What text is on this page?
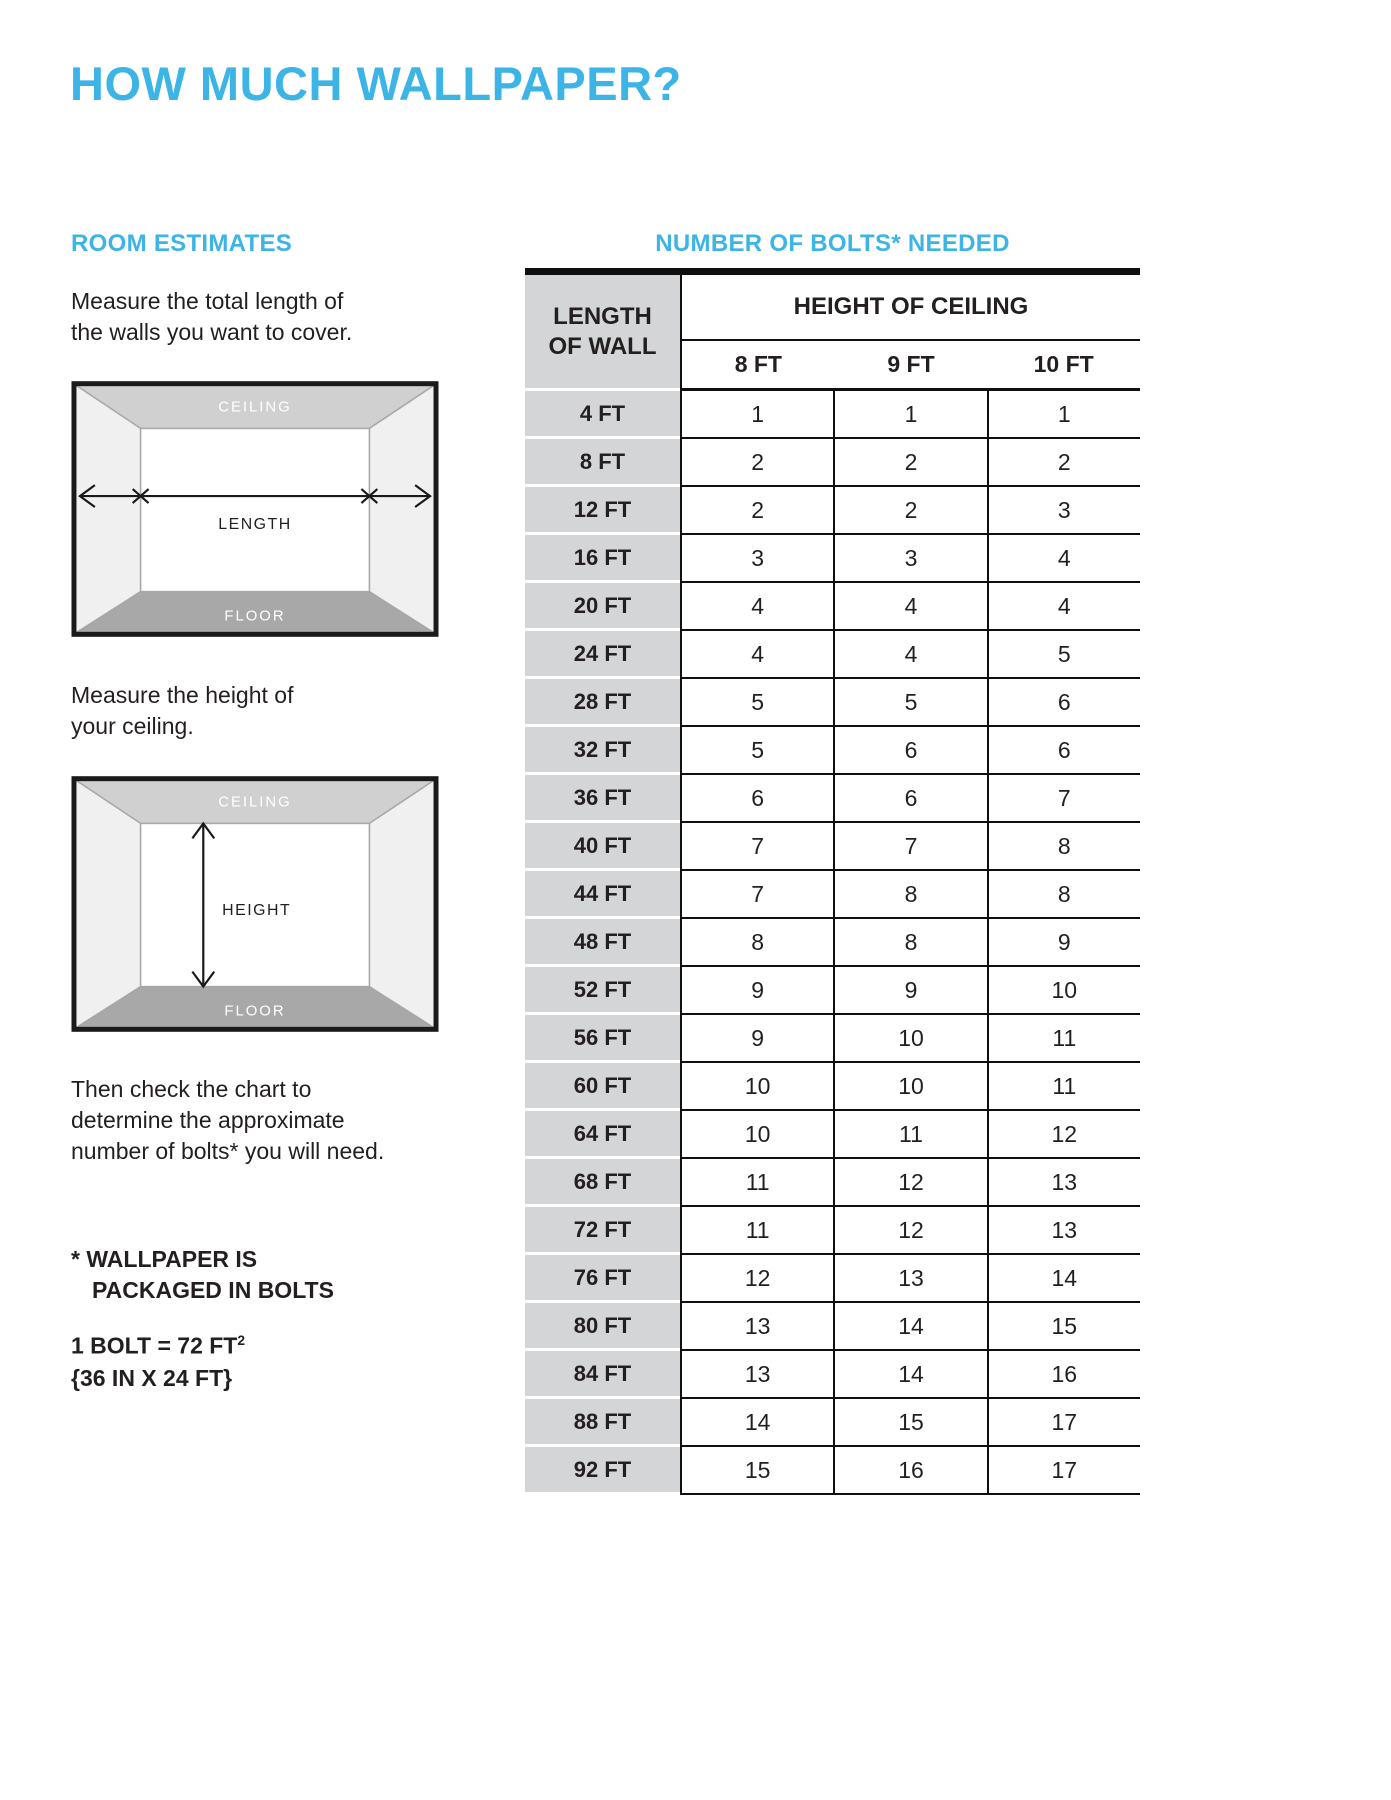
HOW MUCH WALLPAPER?
ROOM ESTIMATES	NUMBER OF BOLTS* NEEDED
Measure the total length of
the walls you want to cover.
CEILING
FLOOR
LENGTH
Measure the height of
your ceiling.
CEILING
FLOOR
HEIGHT
Then check the chart to
determine the approximate
number of bolts* you will need.
* WALLPAPER IS
PACKAGED IN BOLTS
1 BOLT = 72 $FT^2$
{36 IN X 24 FT}
LENGTH
OF WALL
HEIGHT OF CEILING
8 FT	9 FT	10 FT
4 FT	1	1	1
8 FT	2	2	2
12 FT	2	2	3
16 FT	3	3	4
20 FT	4	4	4
24 FT	4	4	5
28 FT	5	5	6
32 FT	5	6	6
36 FT	6	6	7
40 FT	7	7	8
44 FT	7	8	8
48 FT	8	8	9
52 FT	9	9	10
56 FT	9	10	11
60 FT	10	10	11
64 FT	10	11	12
68 FT	11	12	13
72 FT	11	12	13
76 FT	12	13	14
80 FT	13	14	15
84 FT	13	14	16
88 FT	14	15	17
92 FT	15	16	17
